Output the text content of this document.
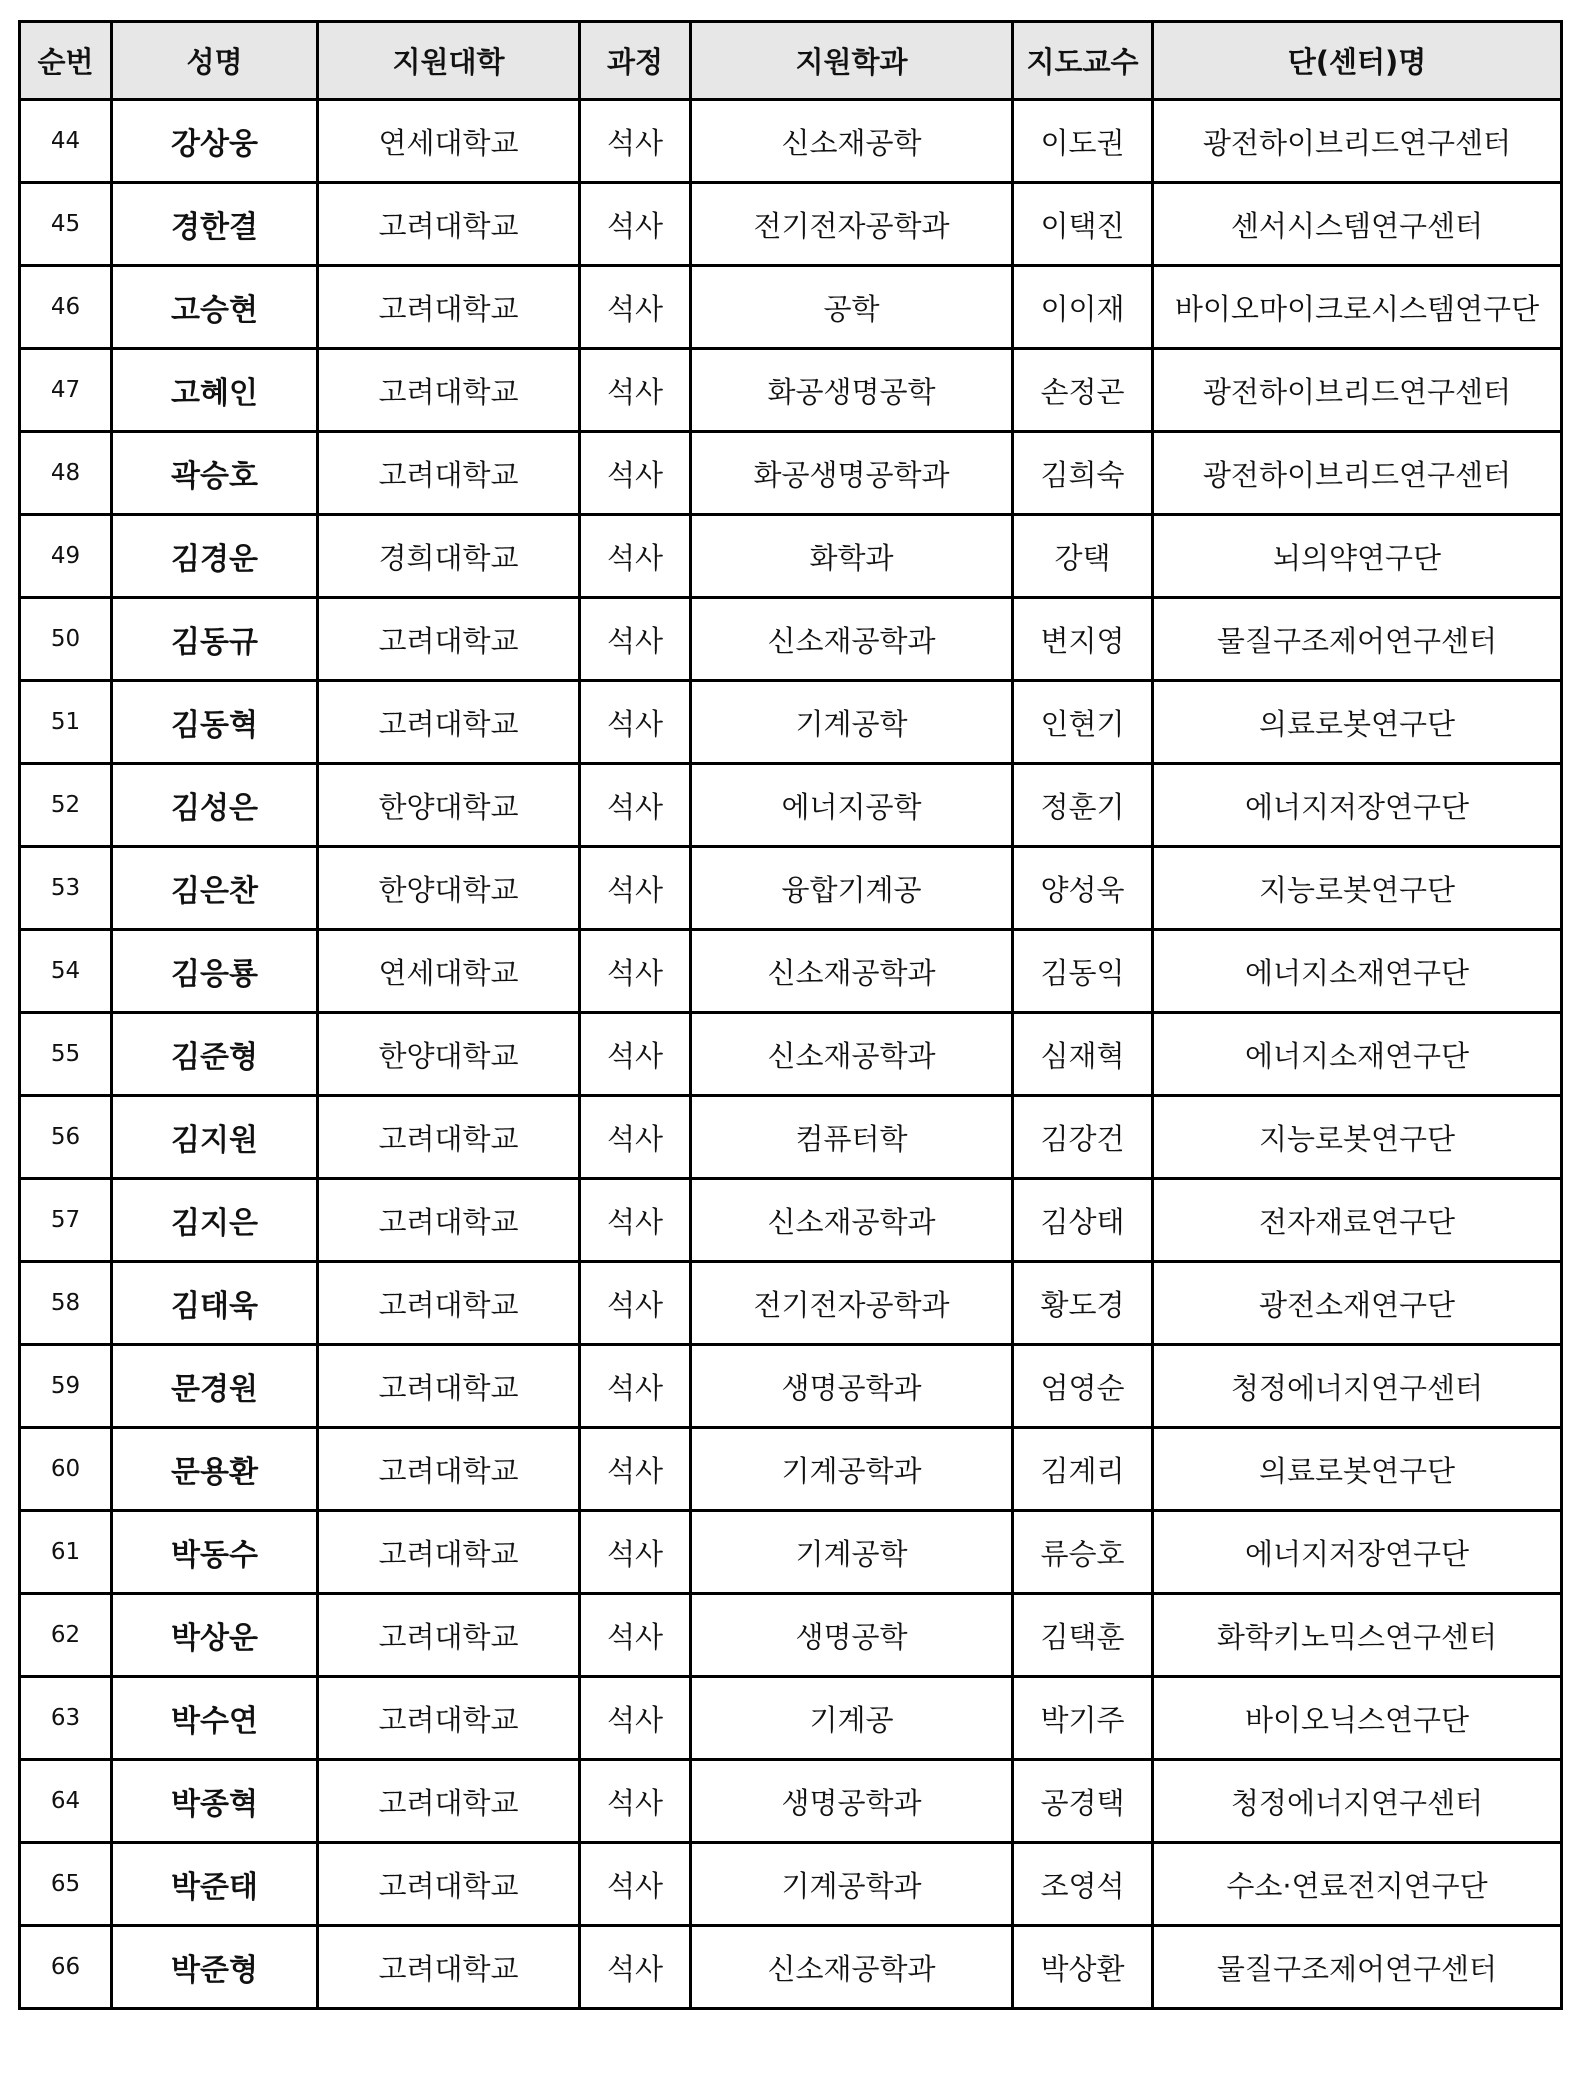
순번	성명	지원대학	과정	지원학과	지도교수	단(센터)명
44	강상웅	연세대학교	석사	신소재공학	이도권	광전하이브리드연구센터
45	경한결	고려대학교	석사	전기전자공학과	이택진	센서시스템연구센터
46	고승현	고려대학교	석사	공학	이이재	바이오마이크로시스템연구단
47	고혜인	고려대학교	석사	화공생명공학	손정곤	광전하이브리드연구센터
48	곽승호	고려대학교	석사	화공생명공학과	김희숙	광전하이브리드연구센터
49	김경운	경희대학교	석사	화학과	강택	뇌의약연구단
50	김동규	고려대학교	석사	신소재공학과	변지영	물질구조제어연구센터
51	김동혁	고려대학교	석사	기계공학	인현기	의료로봇연구단
52	김성은	한양대학교	석사	에너지공학	정훈기	에너지저장연구단
53	김은찬	한양대학교	석사	융합기계공	양성욱	지능로봇연구단
54	김응룡	연세대학교	석사	신소재공학과	김동익	에너지소재연구단
55	김준형	한양대학교	석사	신소재공학과	심재혁	에너지소재연구단
56	김지원	고려대학교	석사	컴퓨터학	김강건	지능로봇연구단
57	김지은	고려대학교	석사	신소재공학과	김상태	전자재료연구단
58	김태욱	고려대학교	석사	전기전자공학과	황도경	광전소재연구단
59	문경원	고려대학교	석사	생명공학과	엄영순	청정에너지연구센터
60	문용환	고려대학교	석사	기계공학과	김계리	의료로봇연구단
61	박동수	고려대학교	석사	기계공학	류승호	에너지저장연구단
62	박상운	고려대학교	석사	생명공학	김택훈	화학키노믹스연구센터
63	박수연	고려대학교	석사	기계공	박기주	바이오닉스연구단
64	박종혁	고려대학교	석사	생명공학과	공경택	청정에너지연구센터
65	박준태	고려대학교	석사	기계공학과	조영석	수소·연료전지연구단
66	박준형	고려대학교	석사	신소재공학과	박상환	물질구조제어연구센터
